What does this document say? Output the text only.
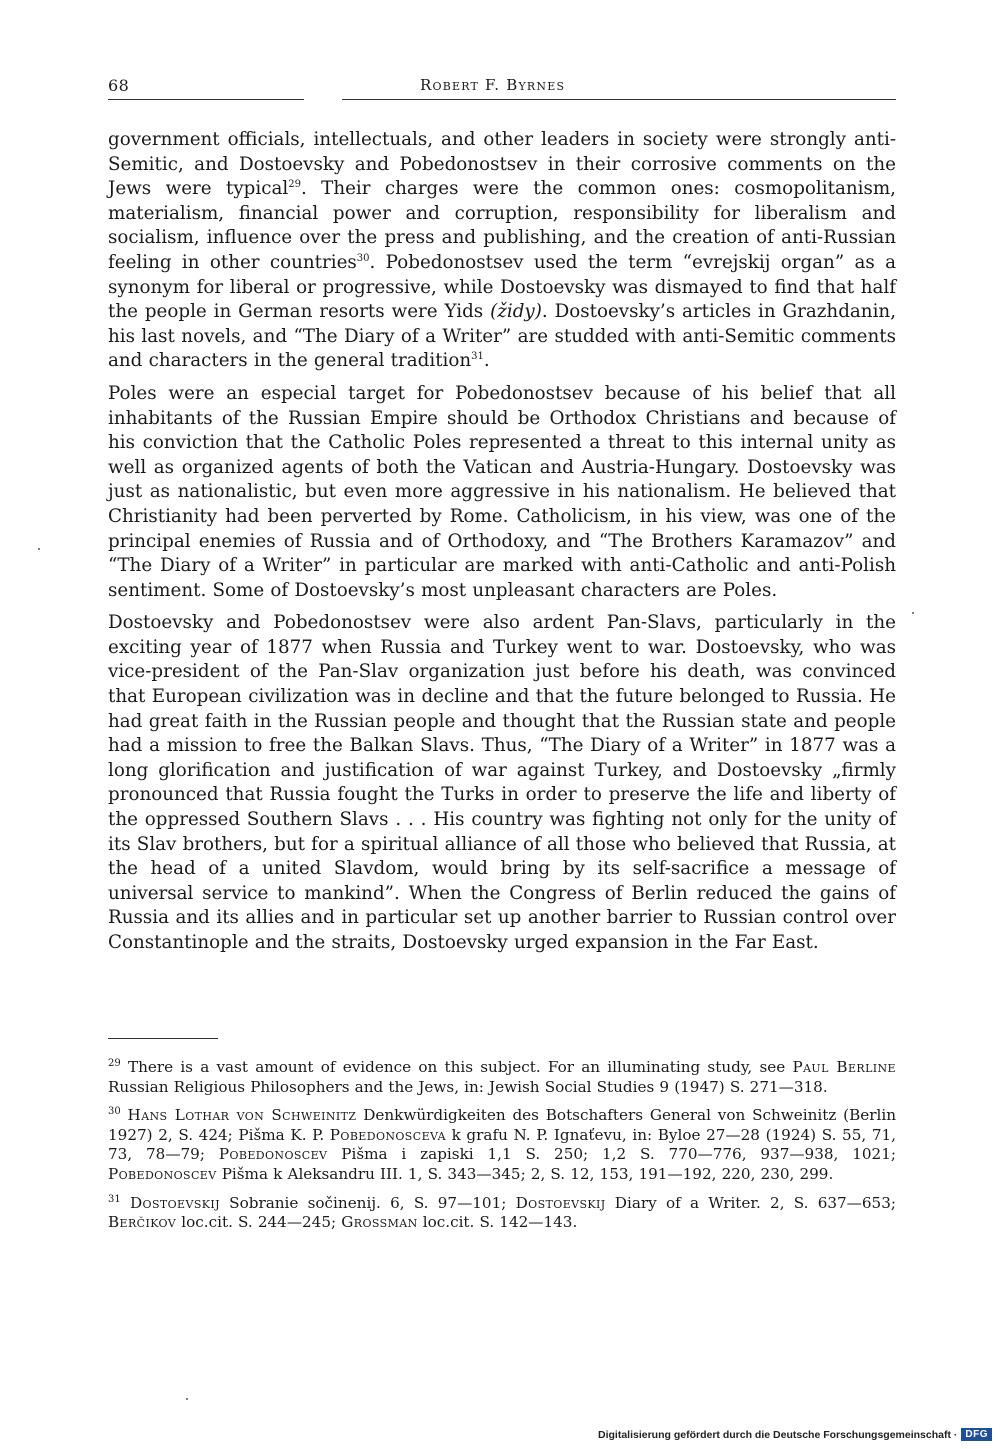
68	Robert F. Byrnes

government officials, intellectuals, and other leaders in society were strongly anti-Semitic, and Dostoevsky and Pobedonostsev in their corrosive comments on the Jews were typical$^{29}$. Their charges were the common ones: cosmopolitanism, materialism, financial power and corruption, responsibility for liberalism and socialism, influence over the press and publishing, and the creation of anti-Russian feeling in other countries$^{30}$. Pobedonostsev used the term “evrejskij organ” as a synonym for liberal or progressive, while Dostoevsky was dismayed to find that half the people in German resorts were Yids (židy). Dostoevsky’s articles in Grazhdanin, his last novels, and “The Diary of a Writer” are studded with anti-Semitic comments and characters in the general tradition$^{31}$.

Poles were an especial target for Pobedonostsev because of his belief that all inhabitants of the Russian Empire should be Orthodox Christians and because of his conviction that the Catholic Poles represented a threat to this internal unity as well as organized agents of both the Vatican and Austria-Hungary. Dostoevsky was just as nationalistic, but even more aggressive in his nationalism. He believed that Christianity had been perverted by Rome. Catholicism, in his view, was one of the principal enemies of Russia and of Orthodoxy, and “The Brothers Karamazov” and “The Diary of a Writer” in particular are marked with anti-Catholic and anti-Polish sentiment. Some of Dostoevsky’s most unpleasant characters are Poles.

Dostoevsky and Pobedonostsev were also ardent Pan-Slavs, particularly in the exciting year of 1877 when Russia and Turkey went to war. Dostoevsky, who was vice-president of the Pan-Slav organization just before his death, was convinced that European civilization was in decline and that the future belonged to Russia. He had great faith in the Russian people and thought that the Russian state and people had a mission to free the Balkan Slavs. Thus, “The Diary of a Writer” in 1877 was a long glorification and justification of war against Turkey, and Dostoevsky „firmly pronounced that Russia fought the Turks in order to preserve the life and liberty of the oppressed Southern Slavs . . . His country was fighting not only for the unity of its Slav brothers, but for a spiritual alliance of all those who believed that Russia, at the head of a united Slavdom, would bring by its self-sacrifice a message of universal service to mankind”. When the Congress of Berlin reduced the gains of Russia and its allies and in particular set up another barrier to Russian control over Constantinople and the straits, Dostoevsky urged expansion in the Far East.

$^{29}$ There is a vast amount of evidence on this subject. For an illuminating study, see Paul Berline Russian Religious Philosophers and the Jews, in: Jewish Social Studies 9 (1947) S. 271—318.

$^{30}$ Hans Lothar von Schweinitz Denkwürdigkeiten des Botschafters General von Schweinitz (Berlin 1927) 2, S. 424; Pišma K. P. Pobedonosceva k grafu N. P. Ignaťevu, in: Byloe 27—28 (1924) S. 55, 71, 73, 78—79; Pobedonoscev Pišma i zapiski 1,1 S. 250; 1,2 S. 770—776, 937—938, 1021; Pobedonoscev Pišma k Aleksandru III. 1, S. 343—345; 2, S. 12, 153, 191—192, 220, 230, 299.

$^{31}$ Dostoevskij Sobranie sočinenij. 6, S. 97—101; Dostoevskij Diary of a Writer. 2, S. 637—653; Berčikov loc.cit. S. 244—245; Grossman loc.cit. S. 142—143.

Digitalisierung gefördert durch die Deutsche Forschungsgemeinschaft · DFG
